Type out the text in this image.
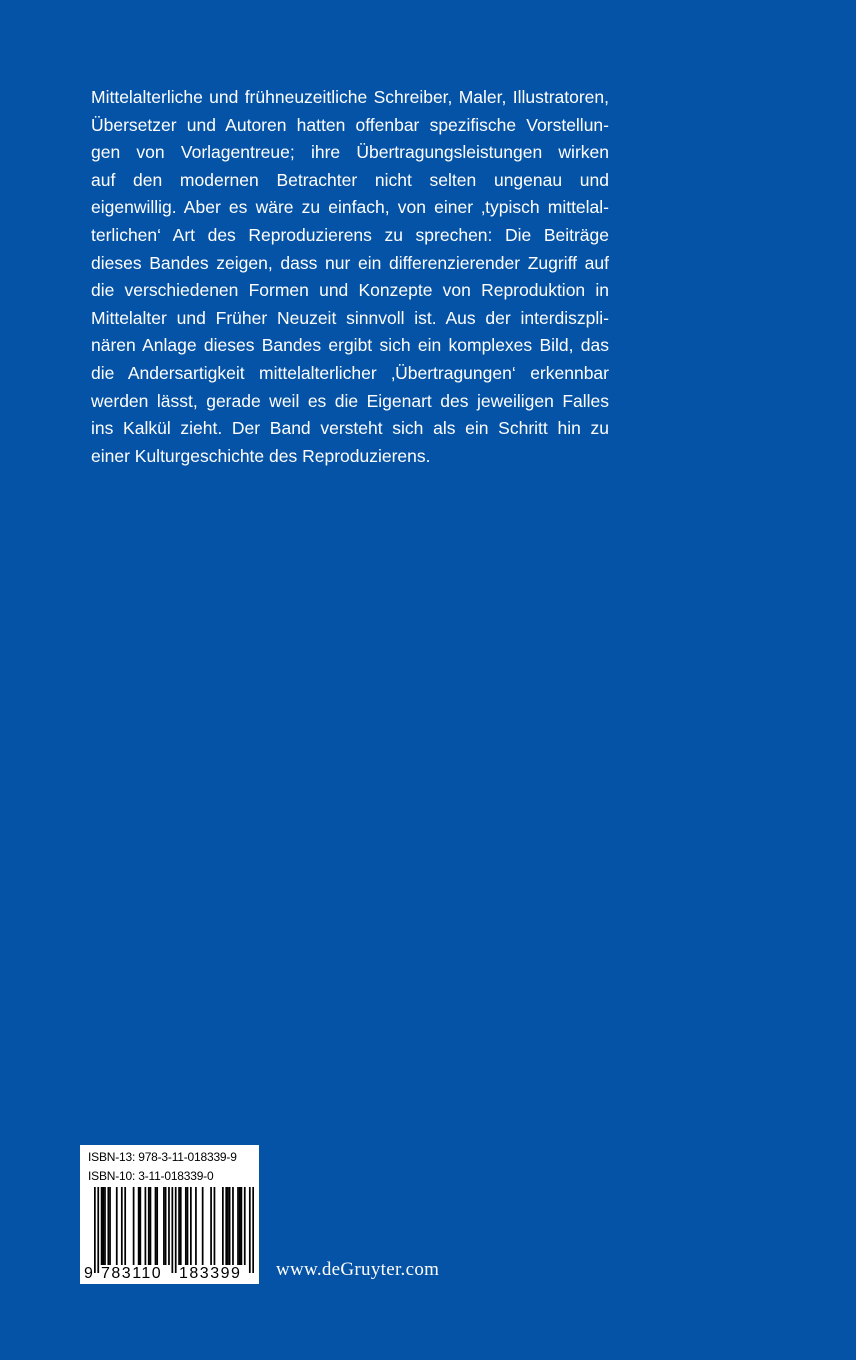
Mittelalterliche und frühneuzeitliche Schreiber, Maler, Illustratoren,
Übersetzer und Autoren hatten offenbar spezifische Vorstellun-
gen von Vorlagentreue; ihre Übertragungsleistungen wirken
auf den modernen Betrachter nicht selten ungenau und
eigenwillig. Aber es wäre zu einfach, von einer ‚typisch mittelal-
terlichen‘ Art des Reproduzierens zu sprechen: Die Beiträge
dieses Bandes zeigen, dass nur ein differenzierender Zugriff auf
die verschiedenen Formen und Konzepte von Reproduktion in
Mittelalter und Früher Neuzeit sinnvoll ist. Aus der interdiszpli-
nären Anlage dieses Bandes ergibt sich ein komplexes Bild, das
die Andersartigkeit mittelalterlicher ‚Übertragungen‘ erkennbar
werden lässt, gerade weil es die Eigenart des jeweiligen Falles
ins Kalkül zieht. Der Band versteht sich als ein Schritt hin zu
einer Kulturgeschichte des Reproduzierens.
ISBN-13: 978-3-11-018339-9
ISBN-10: 3-11-018339-0
9 783110 183399 www.deGruyter.com
